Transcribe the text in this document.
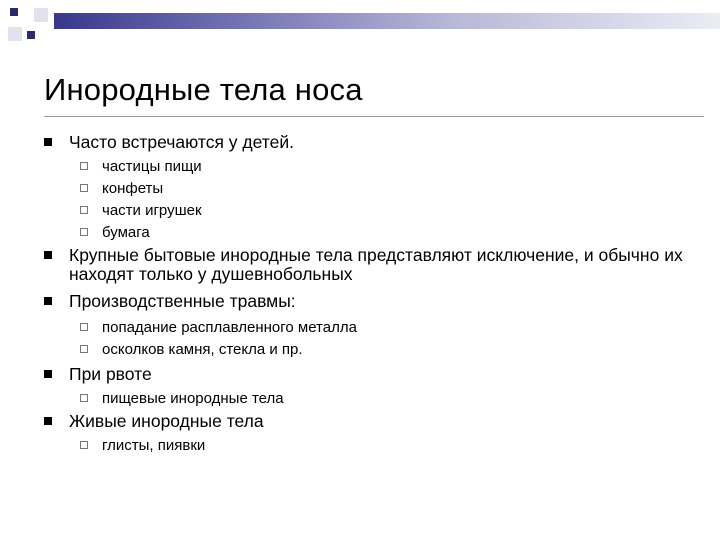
Инородные тела носа
Часто встречаются у детей.
частицы пищи
конфеты
части игрушек
бумага
Крупные бытовые инородные тела представляют исключение, и обычно их находят только у душевнобольных
Производственные травмы:
попадание расплавленного металла
осколков камня, стекла и пр.
При рвоте
пищевые инородные тела
Живые инородные тела
глисты, пиявки
